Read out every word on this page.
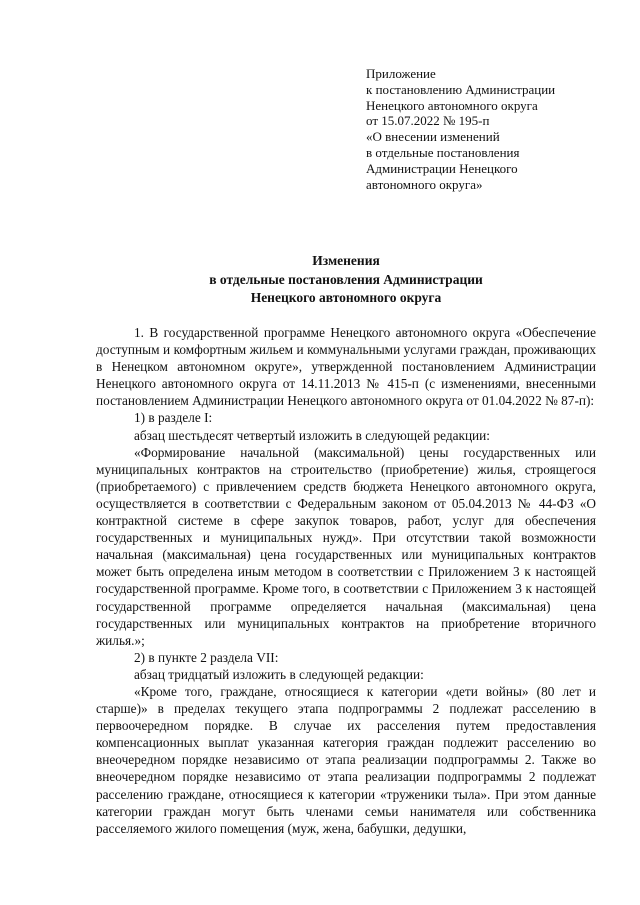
Приложение
к постановлению Администрации
Ненецкого автономного округа
от 15.07.2022 № 195-п
«О внесении изменений
в отдельные постановления
Администрации Ненецкого
автономного округа»
Изменения
в отдельные постановления Администрации
Ненецкого автономного округа

1. В государственной программе Ненецкого автономного округа «Обеспечение доступным и комфортным жильем и коммунальными услугами граждан, проживающих в Ненецком автономном округе», утвержденной постановлением Администрации Ненецкого автономного округа от 14.11.2013 № 415-п (с изменениями, внесенными постановлением Администрации Ненецкого автономного округа от 01.04.2022 № 87-п):

1) в разделе I:

абзац шестьдесят четвертый изложить в следующей редакции:

«Формирование начальной (максимальной) цены государственных или муниципальных контрактов на строительство (приобретение) жилья, строящегося (приобретаемого) с привлечением средств бюджета Ненецкого автономного округа, осуществляется в соответствии с Федеральным законом от 05.04.2013 № 44-ФЗ «О контрактной системе в сфере закупок товаров, работ, услуг для обеспечения государственных и муниципальных нужд». При отсутствии такой возможности начальная (максимальная) цена государственных или муниципальных контрактов может быть определена иным методом в соответствии с Приложением 3 к настоящей государственной программе. Кроме того, в соответствии с Приложением 3 к настоящей государственной программе определяется начальная (максимальная) цена государственных или муниципальных контрактов на приобретение вторичного жилья.»;

2) в пункте 2 раздела VII:

абзац тридцатый изложить в следующей редакции:

«Кроме того, граждане, относящиеся к категории «дети войны» (80 лет и старше)» в пределах текущего этапа подпрограммы 2 подлежат расселению в первоочередном порядке. В случае их расселения путем предоставления компенсационных выплат указанная категория граждан подлежит расселению во внеочередном порядке независимо от этапа реализации подпрограммы 2. Также во внеочередном порядке независимо от этапа реализации подпрограммы 2 подлежат расселению граждане, относящиеся к категории «труженики тыла». При этом данные категории граждан могут быть членами семьи нанимателя или собственника расселяемого жилого помещения (муж, жена, бабушки, дедушки,
